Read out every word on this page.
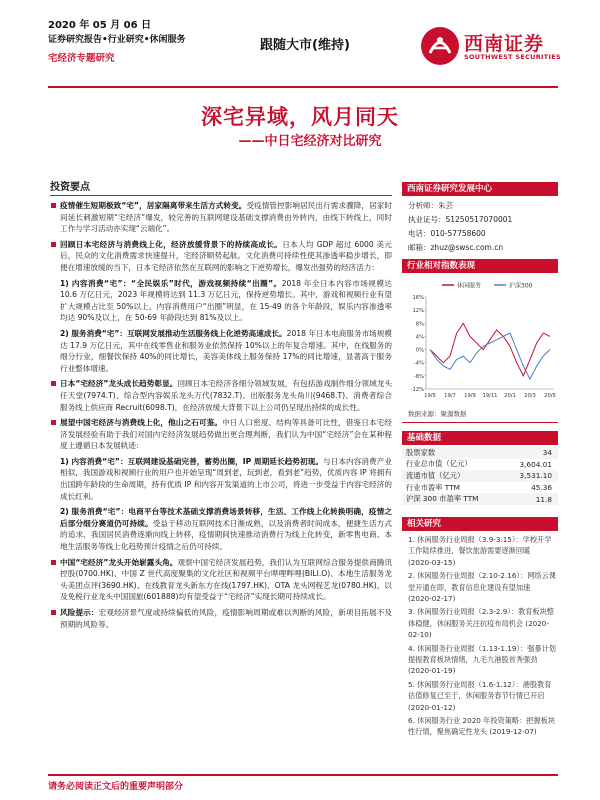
2020 年 05 月 06 日
证券研究报告•行业研究•休闲服务
宅经济专题研究
跟随大市(维持)	西南证券
SOUTHWEST SECURITIES
深宅异域，风月同天
——中日宅经济对比研究
投资要点
疫情催生短期极致“宅”，居家隔离带来生活方式转变。受疫情管控影响居民出行需求骤降，居家时间延长刺激短期“宅经济”爆发，较完善的互联网建设基础支撑消费由外转内，由线下转线上，同时工作与学习活动亦实现“云端化”。
回顾日本宅经济与消费线上化，经济放缓背景下的持续高成长。日本人均 GDP 超过 6000 美元后，民众的文化消费需求快速提升，宅经济顺势起航。文化消费可持续性使其渗透率稳步增长，即便在增速放缓的当下，日本宅经济依然在互联网的影响之下逆势增长，爆发出强势的经济活力：
1) 内容消费“宅”：“全民娱乐”时代，游戏视频持续“出圈”。2018 年全日本内容市场规模达 10.6 万亿日元，2023 年规模将达到 11.3 万亿日元，保持逆势增长。其中，游戏和视频行业有望扩大规模占比至 50%以上，内容消费用户“出圈”明显，在 15-49 的各个年龄段，娱乐内容渗透率均达 90%及以上，在 50-69 年龄段达到 81%及以上。
2) 服务消费“宅”：互联网发展推动生活服务线上化逆势高速成长。2018 年日本电商服务市场规模达 17.9 万亿日元，其中在线零售业和服务业依然保持 10%以上的年复合增速。其中，在线服务的细分行业，细餐饮保持 40%的同比增长，美容美体线上服务保持 17%的同比增速，显著高于服务行业整体增速。
日本“宅经济”龙头成长趋势彰显。回顾日本宅经济各细分领域发展，有包括游戏制作细分领域龙头任天堂(7974.T)、综合型内容娱乐龙头万代(7832.T)、出版服务龙头角川(9468.T)、消费者综合服务线上供应商 Recruit(6098.T)，在经济放缓大背景下以上公司仍呈现出持续的成长性。
展望中国宅经济与消费线上化，他山之石可鉴。中日人口密度、结构等具备可比性，借鉴日本宅经济发展经验有助于我们对国内宅经济发展趋势做出更合理判断，我们认为中国“宅经济”会在某种程度上遵循日本发展轨迹：
1) 内容消费“宅”：互联网建设基础完善，蓄势出圈，IP 周期延长趋势初现。与日本内容消费产业相似，我国游戏和视频行业的用户也开始呈现“周到老，玩到老，看到老”趋势，优质内容 IP 将拥有出国跨年龄段的生命周期，持有优质 IP 和内容开发渠道的上市公司，将进一步受益于内容宅经济的成长红利。
2) 服务消费“宅”：电商平台等技术基础支撑消费场景转移，生活、工作线上化转换明确，疫情之后部分细分赛道仍可持续。受益于移动互联网技术日渐成熟，以及消费者时间成本，便捷生活方式的追求，我国居民消费逐渐向线上转移，疫情期间快速推动消费行为线上化转变，新零售电商、本地生活服务等线上化趋势预计疫情之后仍可持续。
中国“宅经济”龙头开始崭露头角。观察中国宅经济发展趋势，我们认为互联网综合服务提供商腾讯控股(0700.HK)、中国 Z 世代高度聚集的文化社区和视频平台哔哩哔哩(BILI.O)、本地生活服务龙头美团点评(3690.HK)、在线教育龙头新东方在线(1797.HK)、OTA 龙头网程艺龙(0780.HK)，以及免税行业龙头中国国旅(601888)均有望受益于“宅经济”实现长期可持续成长。
风险提示：宏观经济景气度或持续偏低的风险，疫情影响周期或难以判断的风险，新项目拓展不及预期的风险等。
西南证券研究发展中心
分析师：朱芸
执业证号：S1250517070001
电话：010-57758600
邮箱：zhuz@swsc.com.cn
行业相对指数表现
休闲服务	沪深300
-12%
-8%
-4%
0%
4%
8%
12%
16%
19/5 19/7 19/9 19/11 20/1 20/3 20/5
数据来源：聚源数据
基础数据
股票家数	34
行业总市值（亿元）	3,604.01
流通市值（亿元）	3,531.10
行业市盈率 TTM	45.36
沪深 300 市盈率 TTM	11.8
相关研究
1. 休闲服务行业周报（3.9-3.15）：学校开学工作陆续推进，餐饮旅游需要逐渐回暖 (2020-03-15)
2. 休闲服务行业周报（2.10-2.16）：网络云课堂开通在即，教育信息化建设有望加速 (2020-02-17)
3. 休闲服务行业周报（2.3-2.9）：教育板块整体稳健，休闲服务关注抗疫布局机会 (2020-02-10)
4. 休闲服务行业周报（1.13-1.19）：强暴计划提振教育板块情绪，九毛九港股首秀强劲 (2020-01-19)
5. 休闲服务行业周报（1.6-1.12）：港股教育估值修复已至于，休闲服务春节行情已开启 (2020-01-12)
6. 休闲服务行业 2020 年投资策略：把握板块性行情，聚焦确定性龙头 (2019-12-07)
请务必阅读正文后的重要声明部分
